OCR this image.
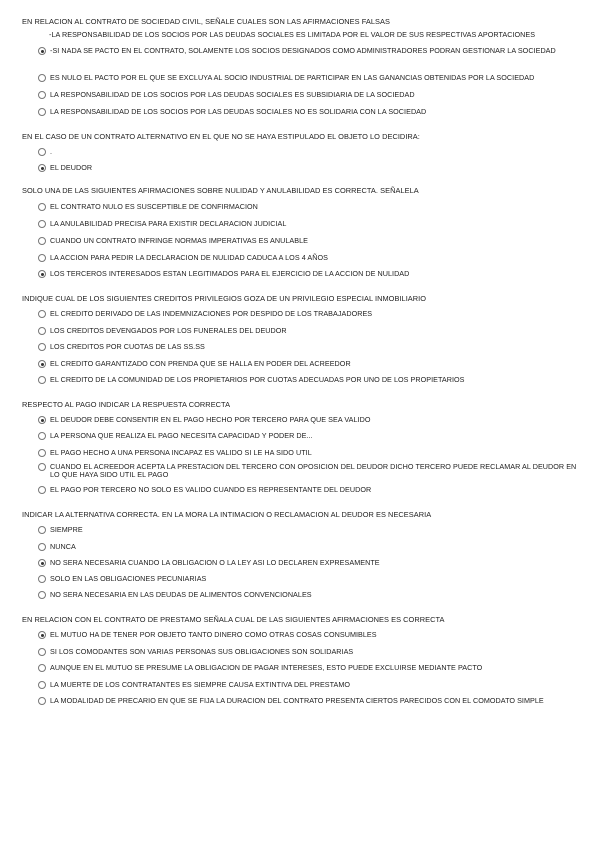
EN RELACION AL CONTRATO DE SOCIEDAD CIVIL, SEÑALE CUALES SON LAS AFIRMACIONES FALSAS
-LA RESPONSABILIDAD DE LOS SOCIOS POR LAS DEUDAS SOCIALES ES LIMITADA POR EL VALOR DE SUS RESPECTIVAS APORTACIONES
-SI NADA SE PACTO EN EL CONTRATO, SOLAMENTE LOS SOCIOS DESIGNADOS COMO ADMINISTRADORES PODRAN GESTIONAR LA SOCIEDAD
ES NULO EL PACTO POR EL QUE SE EXCLUYA AL SOCIO INDUSTRIAL DE PARTICIPAR EN LAS GANANCIAS OBTENIDAS POR LA SOCIEDAD
LA RESPONSABILIDAD DE LOS SOCIOS POR LAS DEUDAS SOCIALES ES SUBSIDIARIA DE LA SOCIEDAD
LA RESPONSABILIDAD DE LOS SOCIOS POR LAS DEUDAS SOCIALES NO ES SOLIDARIA CON LA SOCIEDAD
EN EL CASO DE UN CONTRATO ALTERNATIVO EN EL QUE NO SE HAYA ESTIPULADO EL OBJETO LO DECIDIRA:
.
EL DEUDOR
SOLO UNA DE LAS SIGUIENTES AFIRMACIONES SOBRE NULIDAD Y ANULABILIDAD ES CORRECTA. SEÑALELA
EL CONTRATO NULO ES SUSCEPTIBLE DE CONFIRMACION
LA ANULABILIDAD PRECISA PARA EXISTIR DECLARACION JUDICIAL
CUANDO UN CONTRATO INFRINGE NORMAS IMPERATIVAS ES ANULABLE
LA ACCION PARA PEDIR LA DECLARACION DE NULIDAD CADUCA A LOS 4 AÑOS
LOS TERCEROS INTERESADOS ESTAN LEGITIMADOS PARA EL EJERCICIO DE LA ACCION DE NULIDAD
INDIQUE CUAL DE LOS SIGUIENTES CREDITOS PRIVILEGIOS GOZA DE UN PRIVILEGIO ESPECIAL INMOBILIARIO
EL CREDITO DERIVADO DE LAS INDEMNIZACIONES POR DESPIDO DE LOS TRABAJADORES
LOS CREDITOS DEVENGADOS POR LOS FUNERALES DEL DEUDOR
LOS CREDITOS POR CUOTAS DE LAS SS.SS
EL CREDITO GARANTIZADO CON PRENDA QUE SE HALLA EN PODER DEL ACREEDOR
EL CREDITO DE LA COMUNIDAD DE LOS PROPIETARIOS POR CUOTAS ADECUADAS POR UNO DE LOS PROPIETARIOS
RESPECTO AL PAGO INDICAR LA RESPUESTA CORRECTA
EL DEUDOR DEBE CONSENTIR EN EL PAGO HECHO POR TERCERO PARA QUE SEA VALIDO
LA PERSONA QUE REALIZA EL PAGO NECESITA CAPACIDAD Y PODER DE...
EL PAGO HECHO A UNA PERSONA INCAPAZ ES VALIDO SI LE HA SIDO UTIL
CUANDO EL ACREEDOR ACEPTA LA PRESTACION DEL TERCERO CON OPOSICION DEL DEUDOR DICHO TERCERO PUEDE RECLAMAR AL DEUDOR EN LO QUE HAYA SIDO UTIL EL PAGO
EL PAGO POR TERCERO NO SOLO ES VALIDO CUANDO ES REPRESENTANTE DEL DEUDOR
INDICAR LA ALTERNATIVA CORRECTA. EN LA MORA LA INTIMACION O RECLAMACION AL DEUDOR ES NECESARIA
SIEMPRE
NUNCA
NO SERA NECESARIA CUANDO LA OBLIGACION O LA LEY ASI LO DECLAREN EXPRESAMENTE
SOLO EN LAS OBLIGACIONES PECUNIARIAS
NO SERA NECESARIA EN LAS DEUDAS DE ALIMENTOS CONVENCIONALES
EN RELACION CON EL CONTRATO DE PRESTAMO SEÑALA CUAL DE LAS SIGUIENTES AFIRMACIONES ES CORRECTA
EL MUTUO HA DE TENER POR OBJETO TANTO DINERO COMO OTRAS COSAS CONSUMIBLES
SI LOS COMODANTES SON VARIAS PERSONAS SUS OBLIGACIONES SON SOLIDARIAS
AUNQUE EN EL MUTUO SE PRESUME LA OBLIGACION DE PAGAR INTERESES, ESTO PUEDE EXCLUIRSE MEDIANTE PACTO
LA MUERTE DE LOS CONTRATANTES ES SIEMPRE CAUSA EXTINTIVA DEL PRESTAMO
LA MODALIDAD DE PRECARIO EN QUE SE FIJA LA DURACION DEL CONTRATO PRESENTA CIERTOS PARECIDOS CON EL COMODATO SIMPLE
